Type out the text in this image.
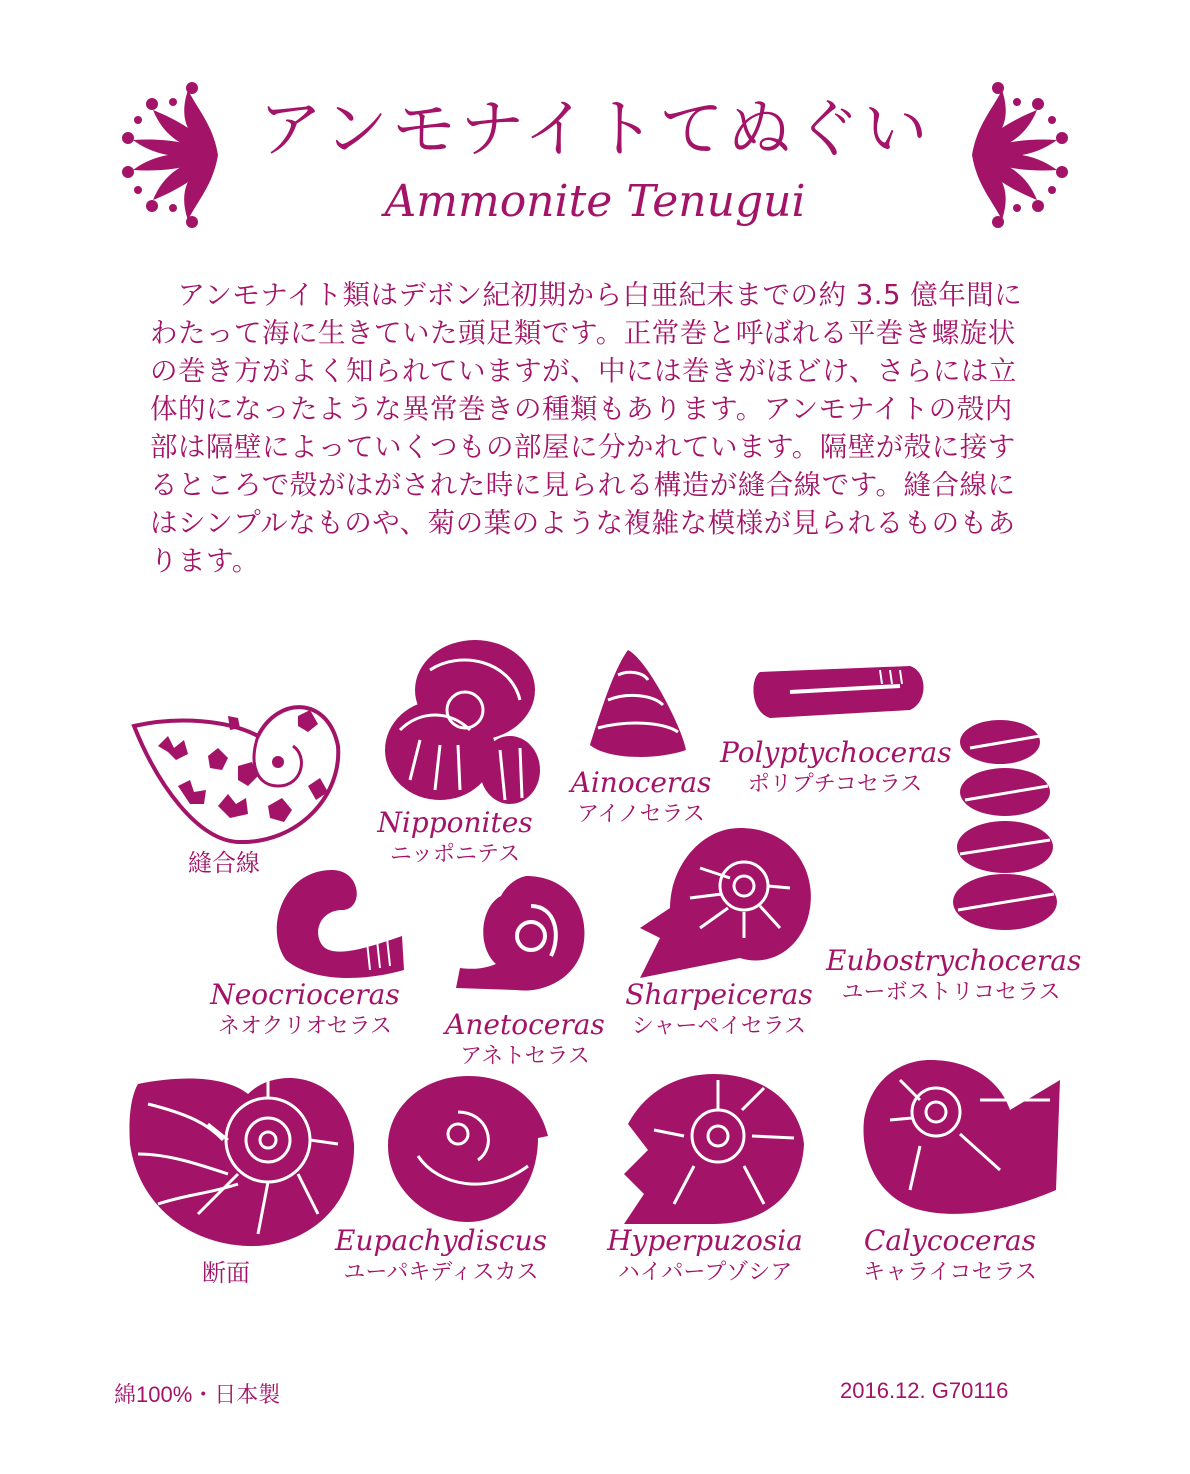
アンモナイトてぬぐい
Ammonite Tenugui

アンモナイト類はデボン紀初期から白亜紀末までの約 3.5 億年間にわたって海に生きていた頭足類です。正常巻と呼ばれる平巻き螺旋状の巻き方がよく知られていますが、中には巻きがほどけ、さらには立体的になったような異常巻きの種類もあります。アンモナイトの殻内部は隔壁によっていくつもの部屋に分かれています。隔壁が殻に接するところで殻がはがされた時に見られる構造が縫合線です。縫合線にはシンプルなものや、菊の葉のような複雑な模様が見られるものもあります。

縫合線
Nipponites
ニッポニテス
Ainoceras
アイノセラス
Polyptychoceras
ポリプチコセラス
Eubostrychoceras
ユーボストリコセラス
Neocrioceras
ネオクリオセラス	Anetoceras
アネトセラス
Sharpeiceras
シャーペイセラス
断面
Eupachydiscus
ユーパキディスカス
Hyperpuzosia
ハイパープゾシア
Calycoceras
キャライコセラス
綿100%・日本製	2016.12. G70116
